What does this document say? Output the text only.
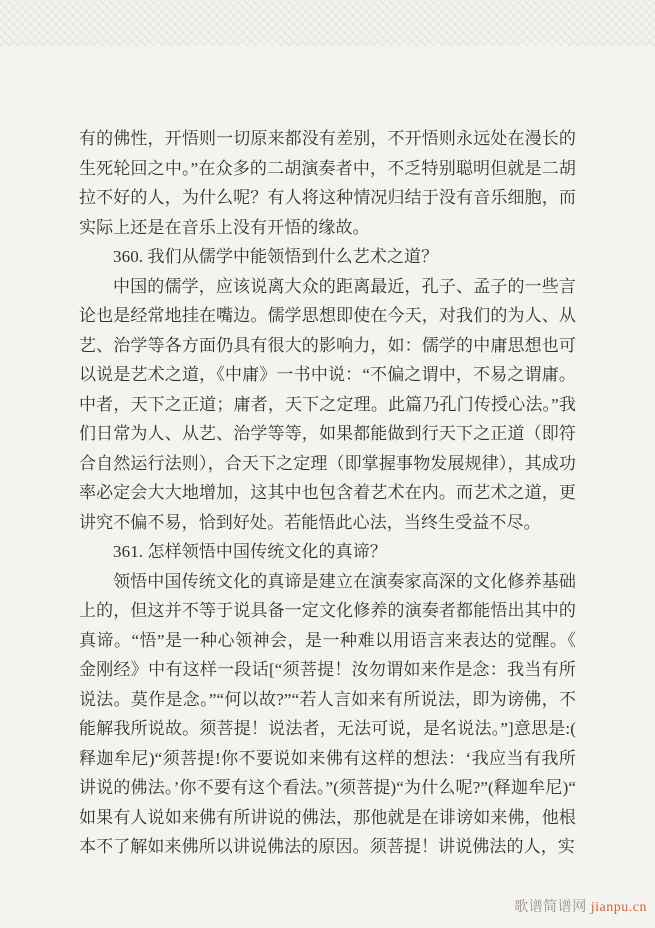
有的佛性，开悟则一切原来都没有差别，不开悟则永远处在漫长的生死轮回之中。”在众多的二胡演奏者中，不乏特别聪明但就是二胡拉不好的人，为什么呢？有人将这种情况归结于没有音乐细胞，而实际上还是在音乐上没有开悟的缘故。

360. 我们从儒学中能领悟到什么艺术之道？

中国的儒学，应该说离大众的距离最近，孔子、孟子的一些言论也是经常地挂在嘴边。儒学思想即使在今天，对我们的为人、从艺、治学等各方面仍具有很大的影响力，如：儒学的中庸思想也可以说是艺术之道，《中庸》一书中说：“不偏之谓中，不易之谓庸。中者，天下之正道；庸者，天下之定理。此篇乃孔门传授心法。”我们日常为人、从艺、治学等等，如果都能做到行天下之正道（即符合自然运行法则），合天下之定理（即掌握事物发展规律），其成功率必定会大大地增加，这其中也包含着艺术在内。而艺术之道，更讲究不偏不易，恰到好处。若能悟此心法，当终生受益不尽。

361. 怎样领悟中国传统文化的真谛？

领悟中国传统文化的真谛是建立在演奏家高深的文化修养基础上的，但这并不等于说具备一定文化修养的演奏者都能悟出其中的真谛。“悟”是一种心领神会，是一种难以用语言来表达的觉醒。《金刚经》中有这样一段话[“须菩提！汝勿谓如来作是念：我当有所说法。莫作是念。”“何以故?”“若人言如来有所说法，即为谤佛，不能解我所说故。须菩提！说法者，无法可说，是名说法。”]意思是:(释迦牟尼)“须菩提!你不要说如来佛有这样的想法：‘我应当有我所讲说的佛法。’你不要有这个看法。”(须菩提)“为什么呢?”(释迦牟尼)“如果有人说如来佛有所讲说的佛法，那他就是在诽谤如来佛，他根本不了解如来佛所以讲说佛法的原因。须菩提！讲说佛法的人，实

歌谱简谱网 jianpu.cn
